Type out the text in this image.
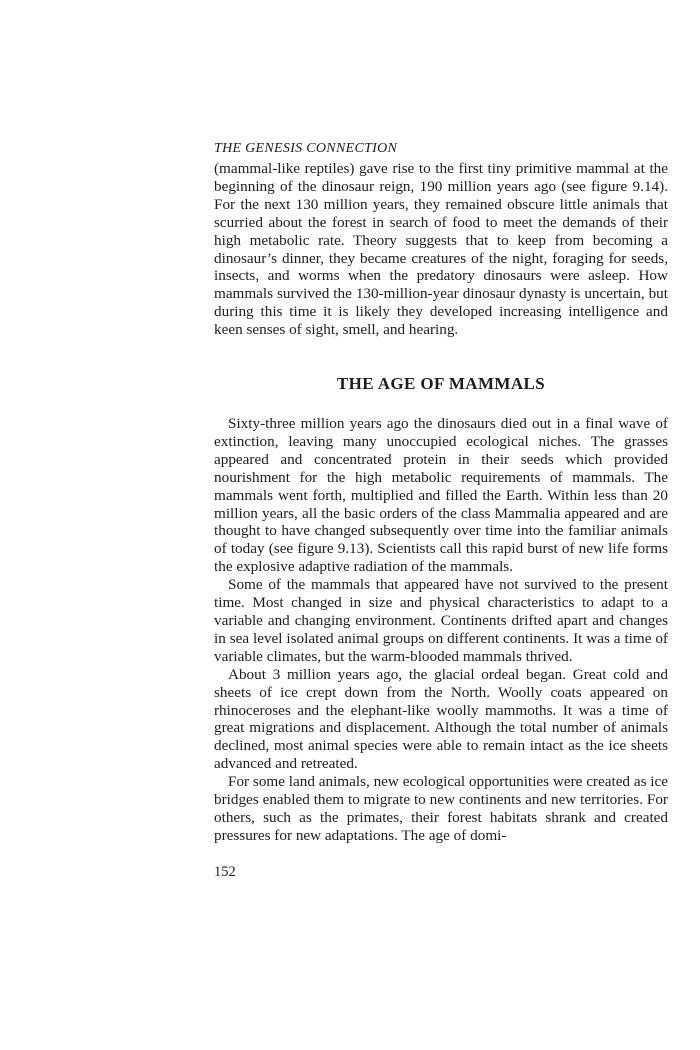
THE GENESIS CONNECTION

(mammal-like reptiles) gave rise to the first tiny primitive mammal at the beginning of the dinosaur reign, 190 million years ago (see figure 9.14). For the next 130 million years, they remained obscure little animals that scurried about the forest in search of food to meet the demands of their high metabolic rate. Theory suggests that to keep from becoming a dinosaur’s dinner, they became creatures of the night, foraging for seeds, insects, and worms when the predatory dinosaurs were asleep. How mammals survived the 130-million-year dinosaur dynasty is uncertain, but during this time it is likely they developed increasing intelligence and keen senses of sight, smell, and hearing.

THE AGE OF MAMMALS

Sixty-three million years ago the dinosaurs died out in a final wave of extinction, leaving many unoccupied ecological niches. The grasses appeared and concentrated protein in their seeds which provided nourishment for the high metabolic requirements of mammals. The mammals went forth, multiplied and filled the Earth. Within less than 20 million years, all the basic orders of the class Mammalia appeared and are thought to have changed subsequently over time into the familiar animals of today (see figure 9.13). Scientists call this rapid burst of new life forms the explosive adaptive radiation of the mammals.

Some of the mammals that appeared have not survived to the present time. Most changed in size and physical characteristics to adapt to a variable and changing environment. Continents drifted apart and changes in sea level isolated animal groups on different continents. It was a time of variable climates, but the warm-blooded mammals thrived.

About 3 million years ago, the glacial ordeal began. Great cold and sheets of ice crept down from the North. Woolly coats appeared on rhinoceroses and the elephant-like woolly mammoths. It was a time of great migrations and displacement. Although the total number of animals declined, most animal species were able to remain intact as the ice sheets advanced and retreated.

For some land animals, new ecological opportunities were created as ice bridges enabled them to migrate to new continents and new territories. For others, such as the primates, their forest habitats shrank and created pressures for new adaptations. The age of domi-

152
